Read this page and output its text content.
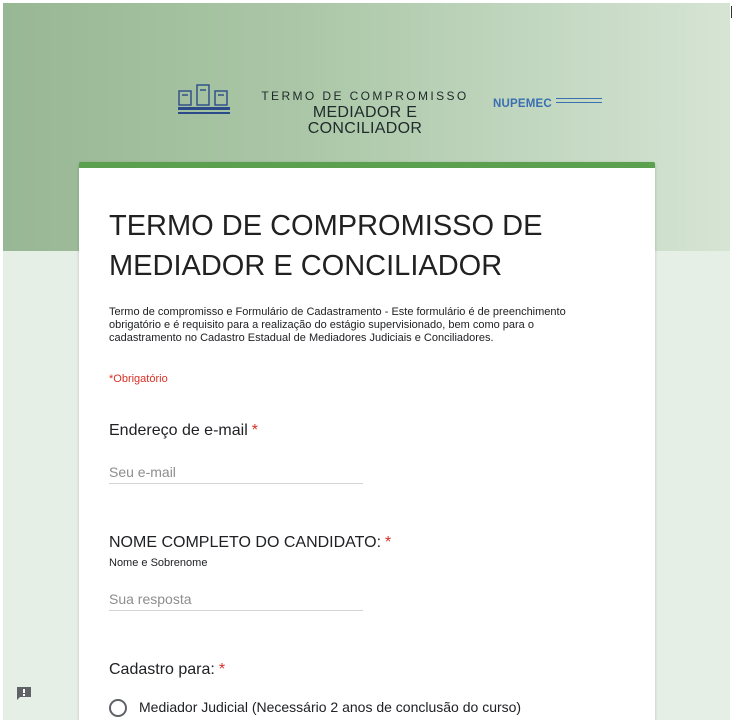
TERMO DE COMPROMISSO
MEDIADOR E CONCILIADOR
NUPEMEC
TERMO DE COMPROMISSO DE MEDIADOR E CONCILIADOR

Termo de compromisso e Formulário de Cadastramento - Este formulário é de preenchimento obrigatório e é requisito para a realização do estágio supervisionado, bem como para o cadastramento no Cadastro Estadual de Mediadores Judiciais e Conciliadores.

*Obrigatório
Endereço de e-mail *
Seu e-mail
NOME COMPLETO DO CANDIDATO: *
Nome e Sobrenome
Sua resposta
Cadastro para: *
Mediador Judicial (Necessário 2 anos de conclusão do curso)
